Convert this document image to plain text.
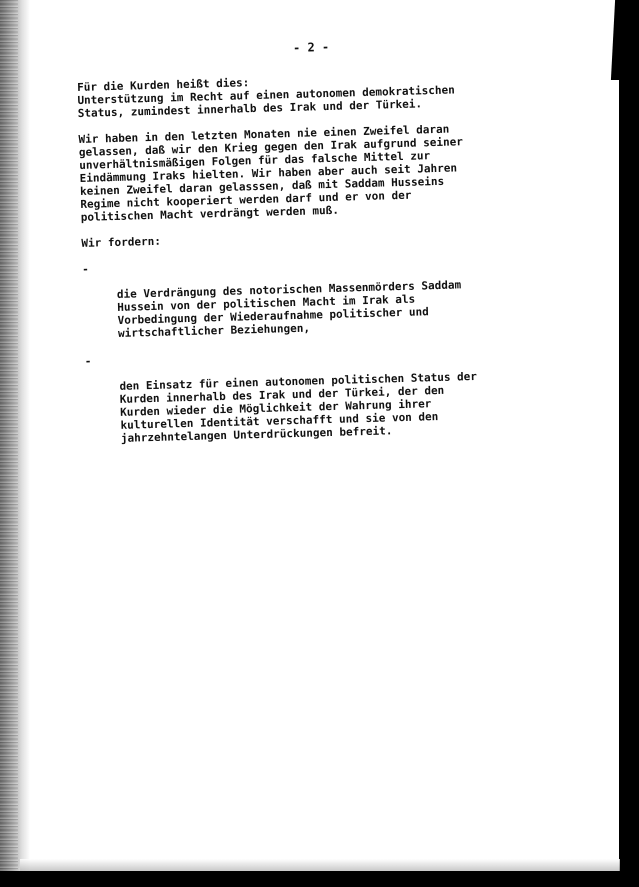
- 2 -

Für die Kurden heißt dies:
Unterstützung im Recht auf einen autonomen demokratischen
Status, zumindest innerhalb des Irak und der Türkei.

Wir haben in den letzten Monaten nie einen Zweifel daran
gelassen, daß wir den Krieg gegen den Irak aufgrund seiner
unverhältnismäßigen Folgen für das falsche Mittel zur
Eindämmung Iraks hielten. Wir haben aber auch seit Jahren
keinen Zweifel daran gelasssen, daß mit Saddam Husseins
Regime nicht kooperiert werden darf und er von der
politischen Macht verdrängt werden muß.

Wir fordern:

-

die Verdrängung des notorischen Massenmörders Saddam
Hussein von der politischen Macht im Irak als
Vorbedingung der Wiederaufnahme politischer und
wirtschaftlicher Beziehungen,

-

den Einsatz für einen autonomen politischen Status der
Kurden innerhalb des Irak und der Türkei, der den
Kurden wieder die Möglichkeit der Wahrung ihrer
kulturellen Identität verschafft und sie von den
jahrzehntelangen Unterdrückungen befreit.
